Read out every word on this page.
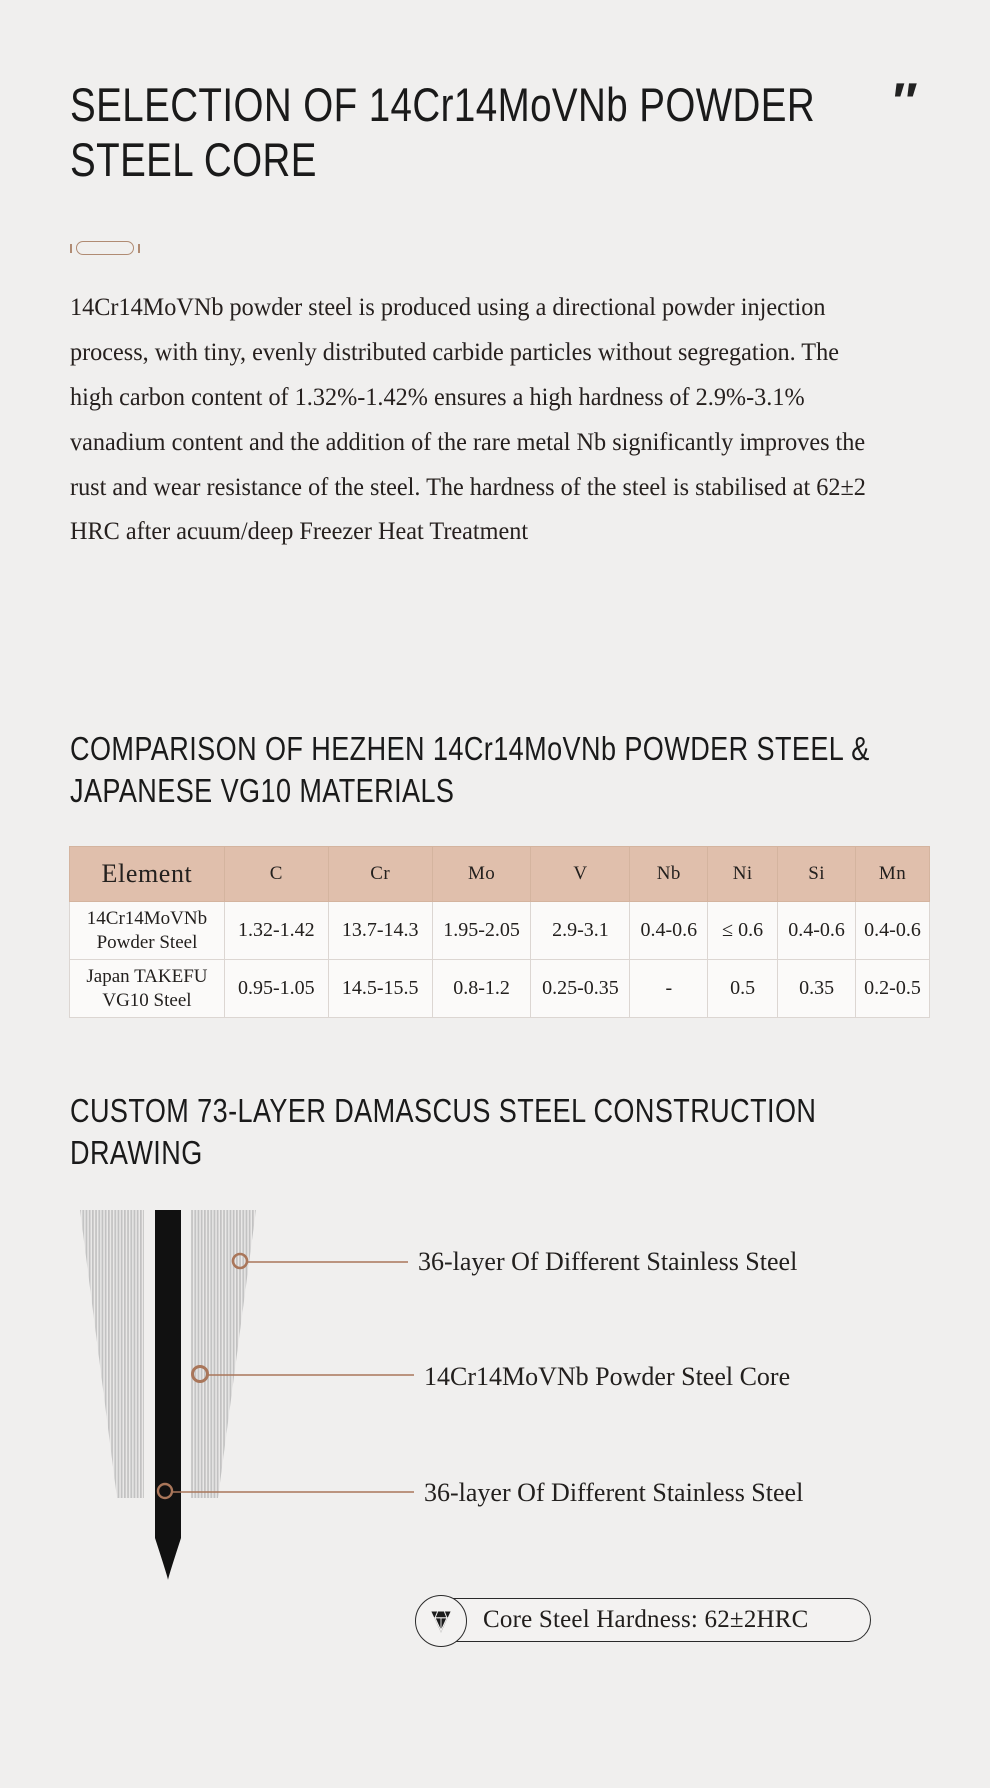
SELECTION OF 14Cr14MoVNb POWDER STEEL CORE
″

14Cr14MoVNb powder steel is produced using a directional powder injection process, with tiny, evenly distributed carbide particles without segregation. The high carbon content of 1.32%-1.42% ensures a high hardness of 2.9%-3.1% vanadium content and the addition of the rare metal Nb significantly improves the rust and wear resistance of the steel. The hardness of the steel is stabilised at 62±2 HRC after acuum/deep Freezer Heat Treatment

COMPARISON OF HEZHEN 14Cr14MoVNb POWDER STEEL & JAPANESE VG10 MATERIALS
Element	C	Cr	Mo	V	Nb	Ni	Si	Mn

14Cr14MoVNb
Powder Steel	1.32-1.42	13.7-14.3	1.95-2.05	2.9-3.1	0.4-0.6	≤ 0.6	0.4-0.6	0.4-0.6

Japan TAKEFU
VG10 Steel	0.95-1.05	14.5-15.5	0.8-1.2	0.25-0.35	-	0.5	0.35	0.2-0.5
CUSTOM 73-LAYER DAMASCUS STEEL CONSTRUCTION DRAWING
36-layer Of Different Stainless Steel
14Cr14MoVNb Powder Steel Core
36-layer Of Different Stainless Steel
Core Steel Hardness: 62±2HRC
